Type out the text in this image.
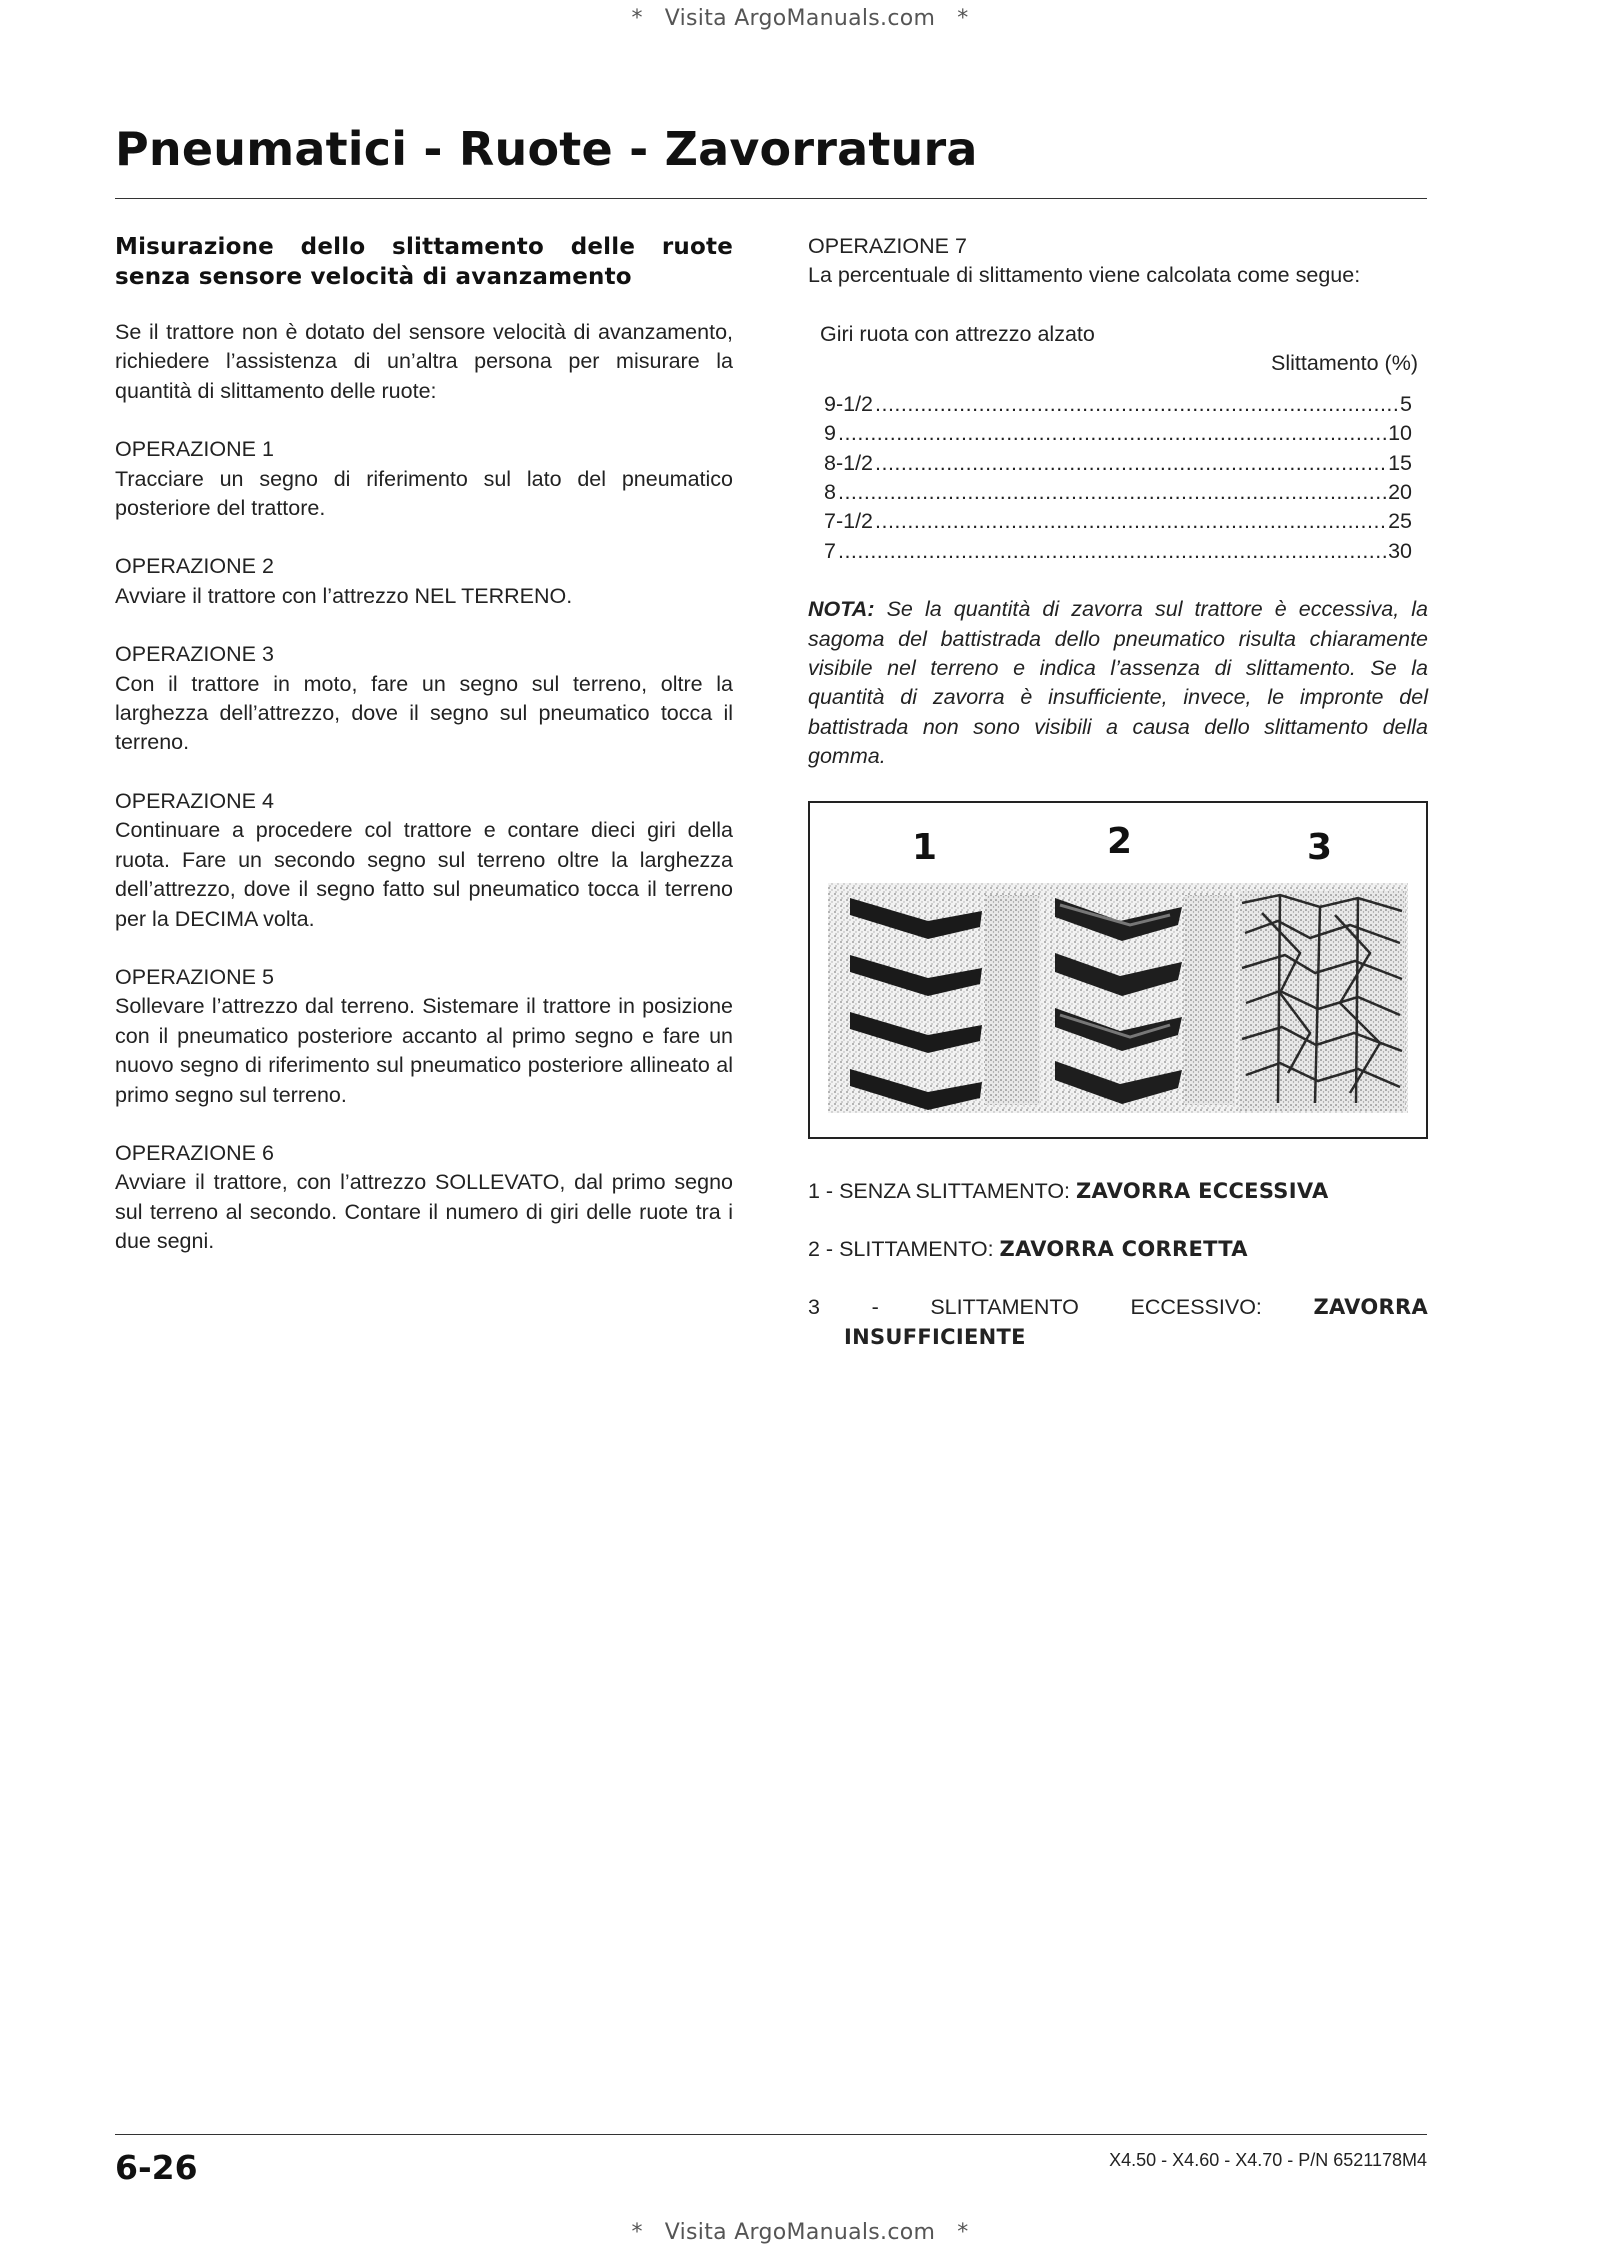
* Visita ArgoManuals.com *
Pneumatici - Ruote - Zavorratura
Misurazione dello slittamento delle ruote senza sensore velocità di avanzamento

Se il trattore non è dotato del sensore velocità di avanzamento, richiedere l’assistenza di un’altra persona per misurare la quantità di slittamento delle ruote:

OPERAZIONE 1

Tracciare un segno di riferimento sul lato del pneumatico posteriore del trattore.

OPERAZIONE 2

Avviare il trattore con l’attrezzo NEL TERRENO.

OPERAZIONE 3

Con il trattore in moto, fare un segno sul terreno, oltre la larghezza dell’attrezzo, dove il segno sul pneumatico tocca il terreno.

OPERAZIONE 4

Continuare a procedere col trattore e contare dieci giri della ruota. Fare un secondo segno sul terreno oltre la larghezza dell’attrezzo, dove il segno fatto sul pneumatico tocca il terreno per la DECIMA volta.

OPERAZIONE 5

Sollevare l’attrezzo dal terreno. Sistemare il trattore in posizione con il pneumatico posteriore accanto al primo segno e fare un nuovo segno di riferimento sul pneumatico posteriore allineato al primo segno sul terreno.

OPERAZIONE 6

Avviare il trattore, con l’attrezzo SOLLEVATO, dal primo segno sul terreno al secondo. Contare il numero di giri delle ruote tra i due segni.

OPERAZIONE 7
La percentuale di slittamento viene calcolata come segue:
Giri ruota con attrezzo alzato
Slittamento (%)
9-1/2 .....	5
9 .....	10
8-1/2 .....	15
8 .....	20
7-1/2 .....	25
7 .....	30
NOTA: Se la quantità di zavorra sul trattore è eccessiva, la sagoma del battistrada dello pneumatico risulta chiaramente visibile nel terreno e indica l’assenza di slittamento. Se la quantità di zavorra è insufficiente, invece, le impronte del battistrada non sono visibili a causa dello slittamento della gomma.
1	2	3
1 - SENZA SLITTAMENTO: ZAVORRA ECCESSIVA
2 - SLITTAMENTO: ZAVORRA CORRETTA
3 - SLITTAMENTO ECCESSIVO: ZAVORRA INSUFFICIENTE
6-26	X4.50 - X4.60 - X4.70 - P/N 6521178M4
* Visita ArgoManuals.com *
